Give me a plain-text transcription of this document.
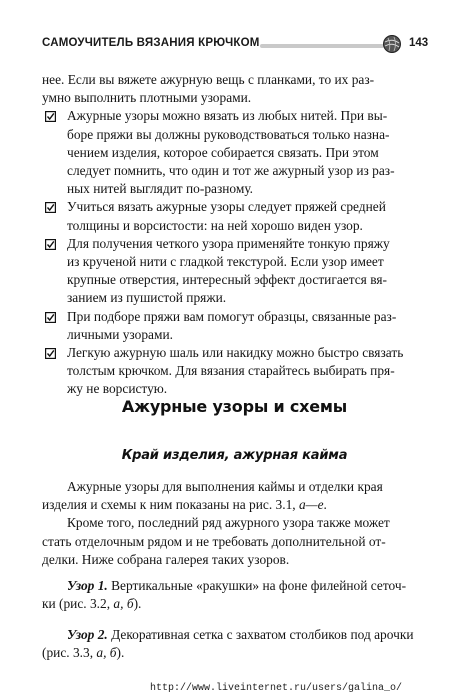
САМОУЧИТЕЛЬ ВЯЗАНИЯ КРЮЧКОМ	143

нее. Если вы вяжете ажурную вещь с планками, то их раз-
умно выполнить плотными узорами.

Ажурные узоры можно вязать из любых нитей. При вы-
боре пряжи вы должны руководствоваться только назна-
чением изделия, которое собирается связать. При этом
следует помнить, что один и тот же ажурный узор из раз-
ных нитей выглядит по-разному.

Учиться вязать ажурные узоры следует пряжей средней
толщины и ворсистости: на ней хорошо виден узор.

Для получения четкого узора применяйте тонкую пряжу
из крученой нити с гладкой текстурой. Если узор имеет
крупные отверстия, интересный эффект достигается вя-
занием из пушистой пряжи.

При подборе пряжи вам помогут образцы, связанные раз-
личными узорами.

Легкую ажурную шаль или накидку можно быстро связать
толстым крючком. Для вязания старайтесь выбирать пря-
жу не ворсистую.

Ажурные узоры и схемы
Край изделия, ажурная кайма

Ажурные узоры для выполнения каймы и отделки края
изделия и схемы к ним показаны на рис. 3.1, а—е.

Кроме того, последний ряд ажурного узора также может
стать отделочным рядом и не требовать дополнительной от-
делки. Ниже собрана галерея таких узоров.

Узор 1. Вертикальные «ракушки» на фоне филейной сеточ-
ки (рис. 3.2, а, б).

Узор 2. Декоративная сетка с захватом столбиков под арочки
(рис. 3.3, а, б).

http://www.liveinternet.ru/users/galina_o/
